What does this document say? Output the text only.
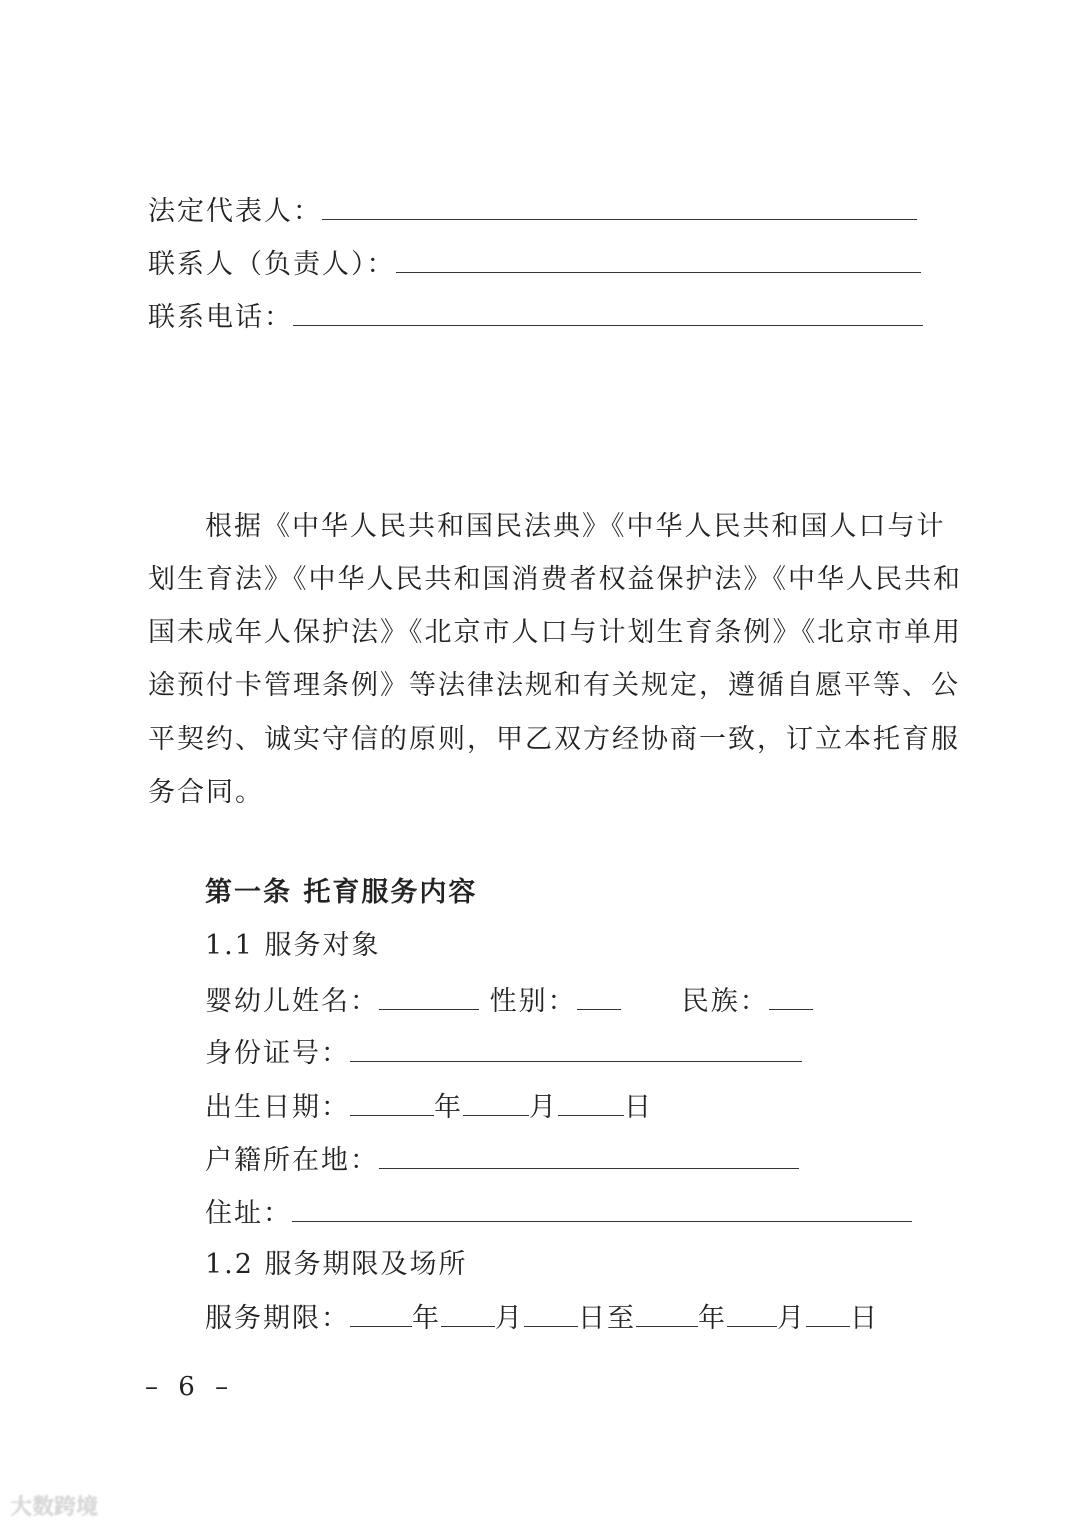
法定代表人：
联系人（负责人）：
联系电话：
根据《中华人民共和国民法典》《中华人民共和国人口与计
划生育法》《中华人民共和国消费者权益保护法》《中华人民共和
国未成年人保护法》《北京市人口与计划生育条例》《北京市单用
途预付卡管理条例》等法律法规和有关规定，遵循自愿平等、公
平契约、诚实守信的原则，甲乙双方经协商一致，订立本托育服
务合同。
第一条 托育服务内容
1.1 服务对象
婴幼儿姓名：	性别：	民族：
身份证号：
出生日期：	年 月 日
户籍所在地：
住址：
1.2 服务期限及场所
服务期限： 年 月 日至 年 月 日
– 6 –
大数跨境
